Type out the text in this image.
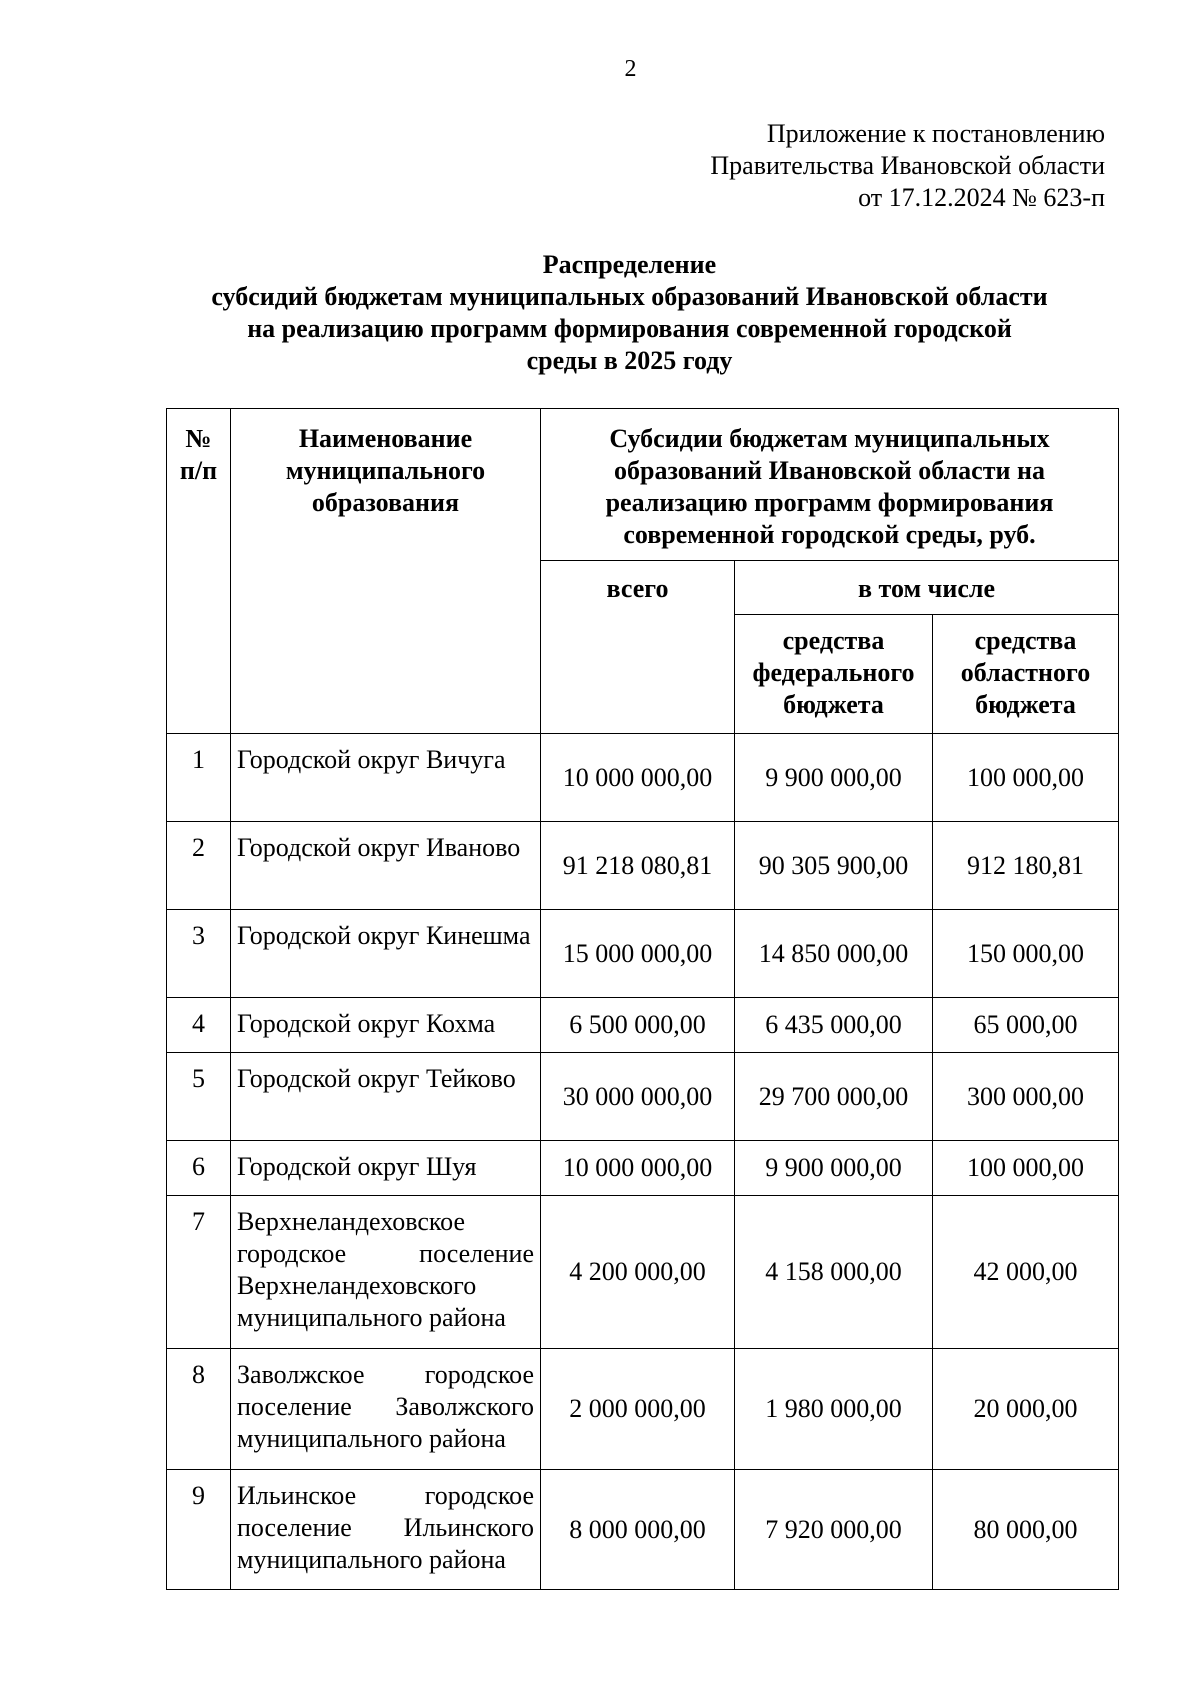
2
Приложение к постановлению
Правительства Ивановской области
от 17.12.2024 № 623-п
Распределение
субсидий бюджетам муниципальных образований Ивановской области
на реализацию программ формирования современной городской
среды в 2025 году
№ п/п	Наименование муниципального образования	Субсидии бюджетам муниципальных образований Ивановской области на реализацию программ формирования современной городской среды, руб.		
		всего	в том числе	
			средства федерального бюджета	средства областного бюджета
1	Городской округ Вичуга	10 000 000,00	9 900 000,00	100 000,00
2	Городской округ Иваново	91 218 080,81	90 305 900,00	912 180,81
3	Городской округ Кинешма	15 000 000,00	14 850 000,00	150 000,00
4	Городской округ Кохма	6 500 000,00	6 435 000,00	65 000,00
5	Городской округ Тейково	30 000 000,00	29 700 000,00	300 000,00
6	Городской округ Шуя	10 000 000,00	9 900 000,00	100 000,00
7	Верхнеландеховское городское поселение Верхнеландеховского муниципального района	4 200 000,00	4 158 000,00	42 000,00
8	Заволжское городское поселение Заволжского муниципального района	2 000 000,00	1 980 000,00	20 000,00
9	Ильинское городское поселение Ильинского муниципального района	8 000 000,00	7 920 000,00	80 000,00
